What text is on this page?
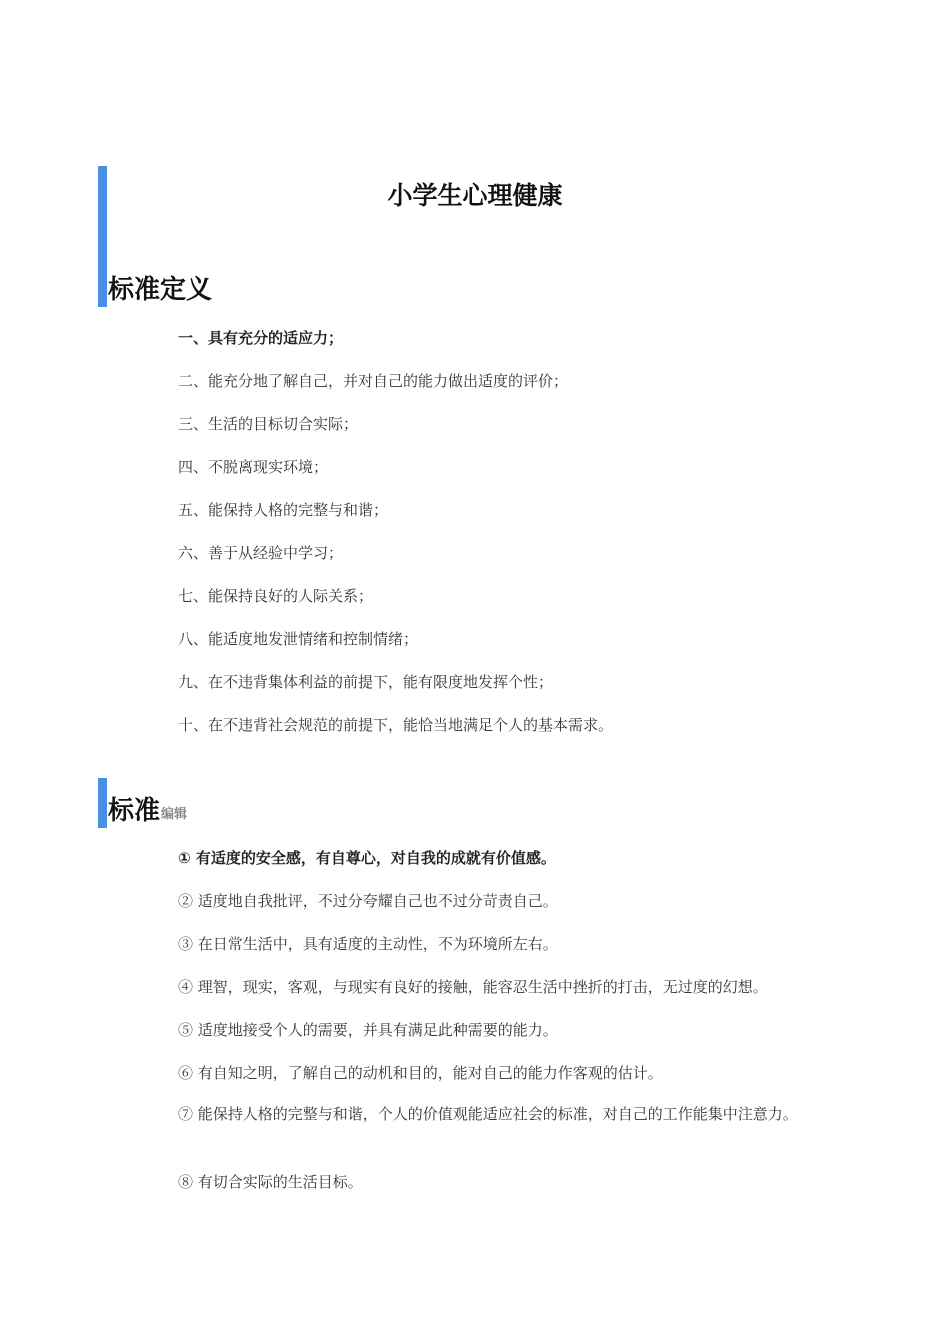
小学生心理健康
标准定义
一、具有充分的适应力；
二、能充分地了解自己，并对自己的能力做出适度的评价；
三、生活的目标切合实际；
四、不脱离现实环境；
五、能保持人格的完整与和谐；
六、善于从经验中学习；
七、能保持良好的人际关系；
八、能适度地发泄情绪和控制情绪；
九、在不违背集体利益的前提下，能有限度地发挥个性；
十、在不违背社会规范的前提下，能恰当地满足个人的基本需求。
标准 编辑
① 有适度的安全感，有自尊心，对自我的成就有价值感。
② 适度地自我批评，不过分夸耀自己也不过分苛责自己。
③ 在日常生活中，具有适度的主动性，不为环境所左右。
④ 理智，现实，客观，与现实有良好的接触，能容忍生活中挫折的打击，无过度的幻想。
⑤ 适度地接受个人的需要，并具有满足此种需要的能力。
⑥ 有自知之明，了解自己的动机和目的，能对自己的能力作客观的估计。

⑦ 能保持人格的完整与和谐，个人的价值观能适应社会的标准，对自己的工作能集中注意力。

⑧ 有切合实际的生活目标。
